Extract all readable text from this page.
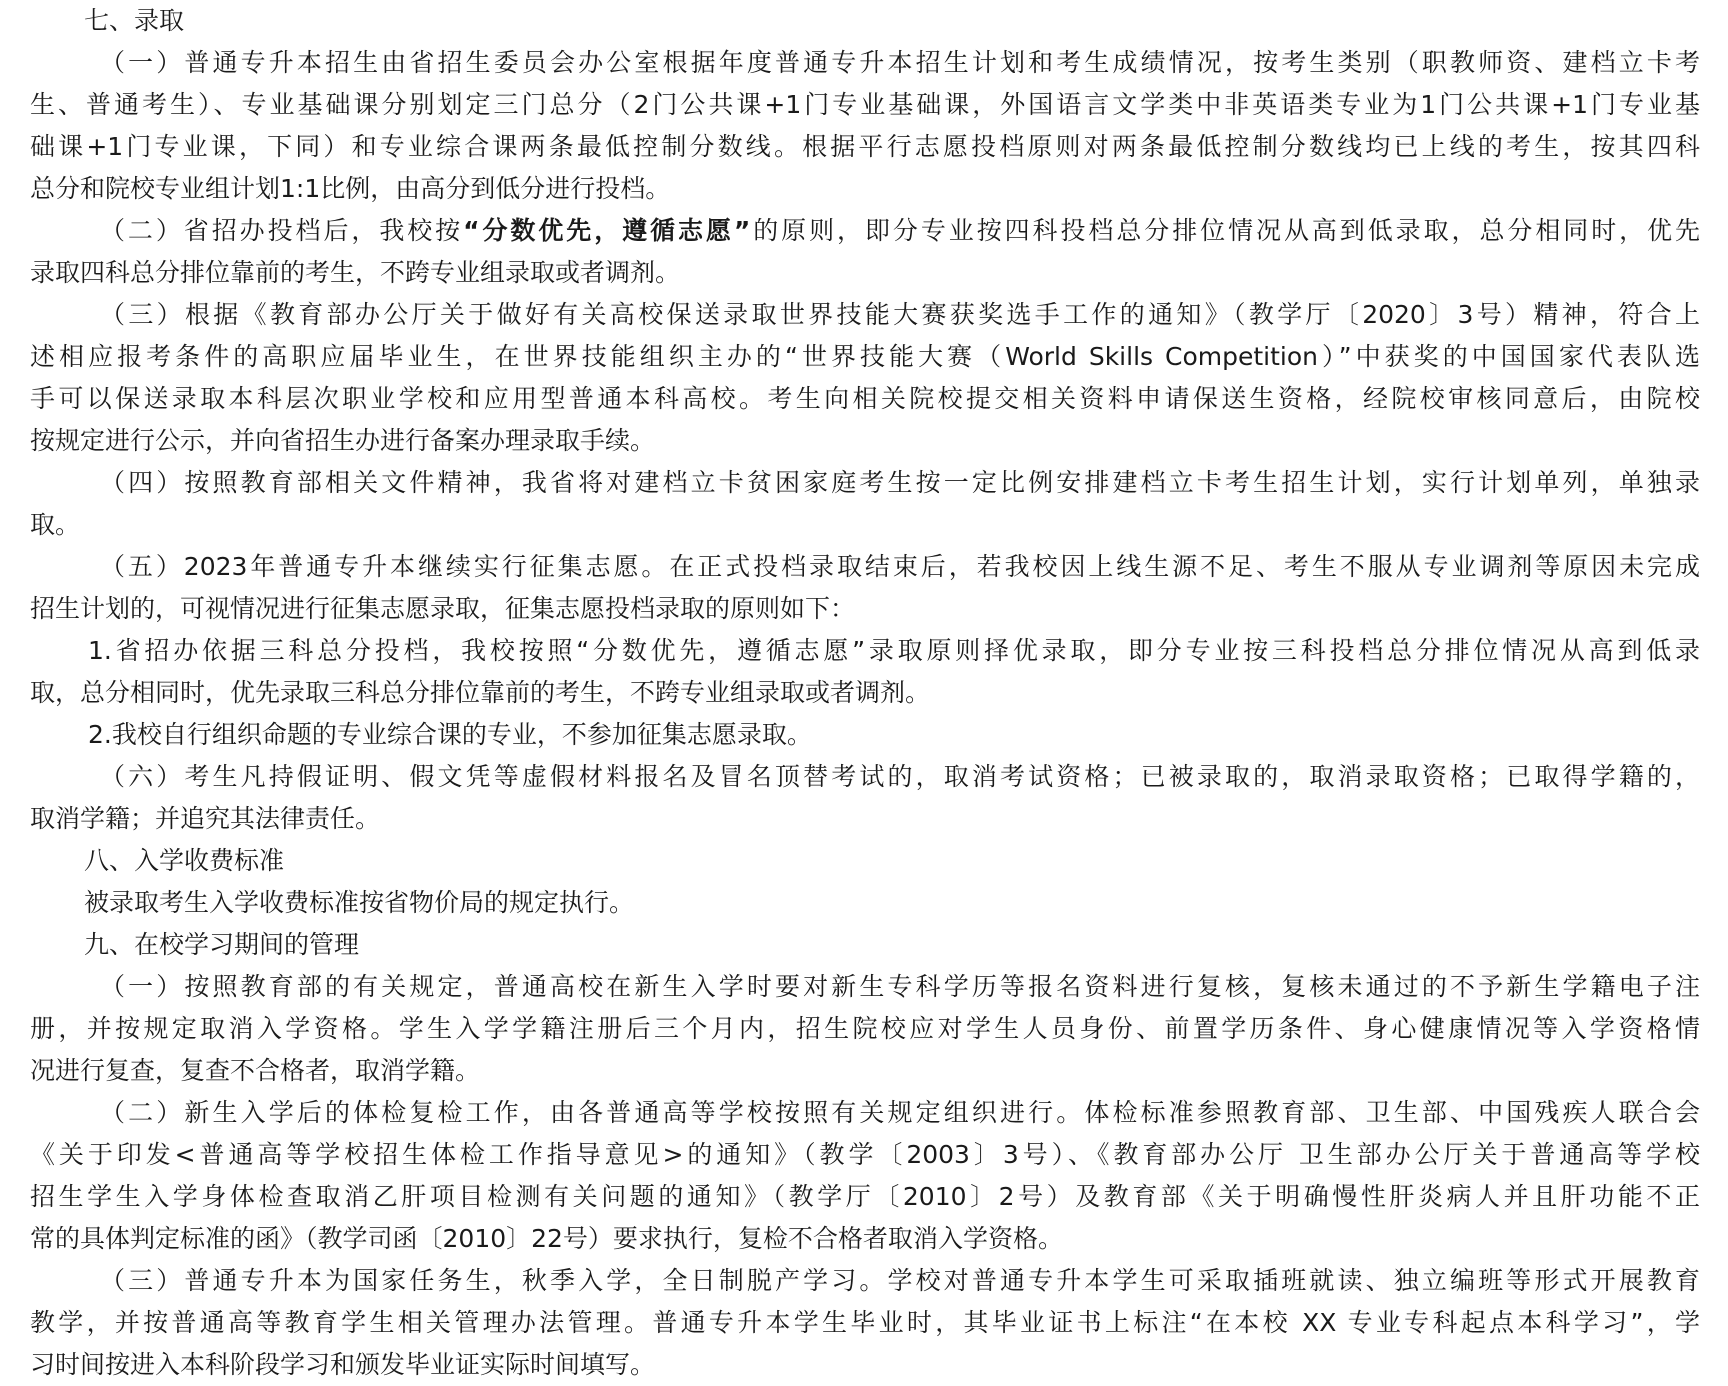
七、录取

（一）普通专升本招生由省招生委员会办公室根据年度普通专升本招生计划和考生成绩情况，按考生类别（职教师资、建档立卡考

生、普通考生）、专业基础课分别划定三门总分（2门公共课+1门专业基础课，外国语言文学类中非英语类专业为1门公共课+1门专业基

础课+1门专业课，下同）和专业综合课两条最低控制分数线。根据平行志愿投档原则对两条最低控制分数线均已上线的考生，按其四科

总分和院校专业组计划1:1比例，由高分到低分进行投档。

（二）省招办投档后，我校按“分数优先，遵循志愿”的原则，即分专业按四科投档总分排位情况从高到低录取，总分相同时，优先

录取四科总分排位靠前的考生，不跨专业组录取或者调剂。

（三）根据《教育部办公厅关于做好有关高校保送录取世界技能大赛获奖选手工作的通知》（教学厅〔2020〕3号）精神，符合上

述相应报考条件的高职应届毕业生，在世界技能组织主办的“世界技能大赛（World Skills Competition）”中获奖的中国国家代表队选

手可以保送录取本科层次职业学校和应用型普通本科高校。考生向相关院校提交相关资料申请保送生资格，经院校审核同意后，由院校

按规定进行公示，并向省招生办进行备案办理录取手续。

（四）按照教育部相关文件精神，我省将对建档立卡贫困家庭考生按一定比例安排建档立卡考生招生计划，实行计划单列，单独录

取。

（五）2023年普通专升本继续实行征集志愿。在正式投档录取结束后，若我校因上线生源不足、考生不服从专业调剂等原因未完成

招生计划的，可视情况进行征集志愿录取，征集志愿投档录取的原则如下：

1.省招办依据三科总分投档，我校按照“分数优先，遵循志愿”录取原则择优录取，即分专业按三科投档总分排位情况从高到低录

取，总分相同时，优先录取三科总分排位靠前的考生，不跨专业组录取或者调剂。

2.我校自行组织命题的专业综合课的专业，不参加征集志愿录取。

（六）考生凡持假证明、假文凭等虚假材料报名及冒名顶替考试的，取消考试资格；已被录取的，取消录取资格；已取得学籍的，

取消学籍；并追究其法律责任。

八、入学收费标准

被录取考生入学收费标准按省物价局的规定执行。

九、在校学习期间的管理

（一）按照教育部的有关规定，普通高校在新生入学时要对新生专科学历等报名资料进行复核，复核未通过的不予新生学籍电子注

册，并按规定取消入学资格。学生入学学籍注册后三个月内，招生院校应对学生人员身份、前置学历条件、身心健康情况等入学资格情

况进行复查，复查不合格者，取消学籍。

（二）新生入学后的体检复检工作，由各普通高等学校按照有关规定组织进行。体检标准参照教育部、卫生部、中国残疾人联合会

《关于印发<普通高等学校招生体检工作指导意见>的通知》（教学〔2003〕3号）、《教育部办公厅 卫生部办公厅关于普通高等学校

招生学生入学身体检查取消乙肝项目检测有关问题的通知》（教学厅〔2010〕2号）及教育部《关于明确慢性肝炎病人并且肝功能不正

常的具体判定标准的函》（教学司函〔2010〕22号）要求执行，复检不合格者取消入学资格。

（三）普通专升本为国家任务生，秋季入学，全日制脱产学习。学校对普通专升本学生可采取插班就读、独立编班等形式开展教育

教学，并按普通高等教育学生相关管理办法管理。普通专升本学生毕业时，其毕业证书上标注“在本校 XX 专业专科起点本科学习”，学

习时间按进入本科阶段学习和颁发毕业证实际时间填写。
